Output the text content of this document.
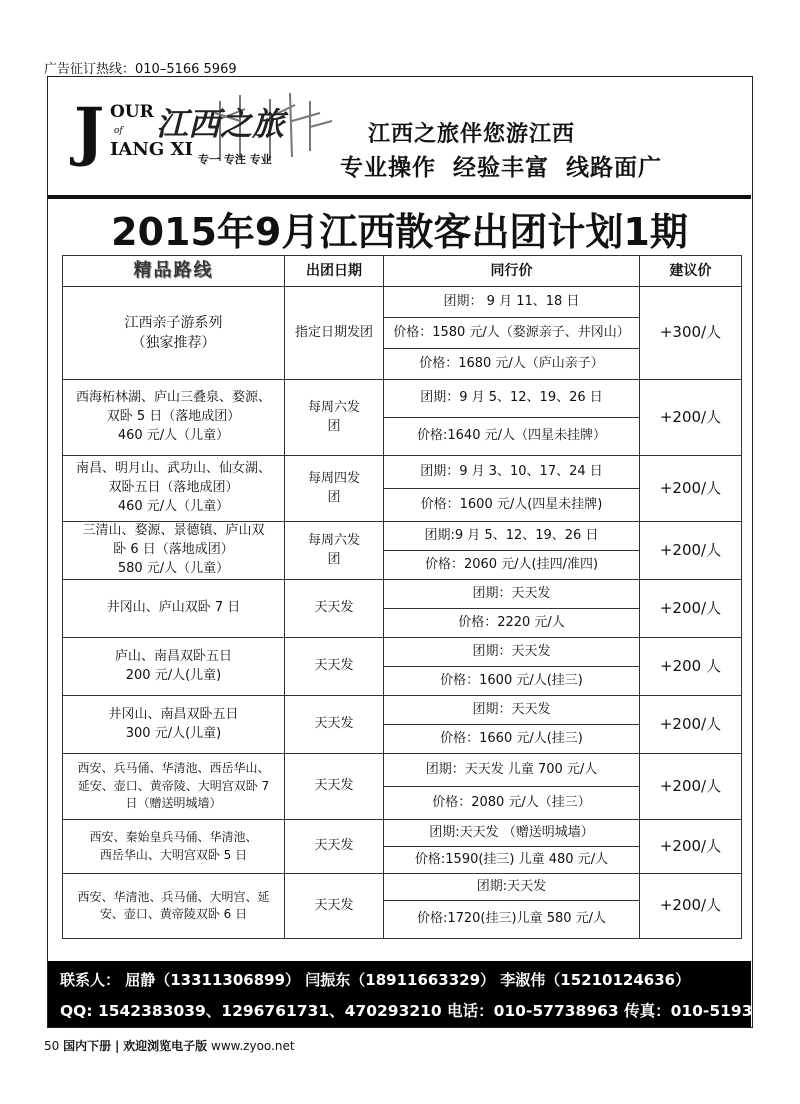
广告征订热线：010–5166 5969
J OUR
of
IANG XI
江西之旅
专一 专注 专业
江西之旅伴您游江西
专业操作 经验丰富 线路面广
2015年9月江西散客出团计划1期
精品路线	出团日期	同行价	建议价

江西亲子游系列
（独家推荐）	指定日期发团	团期： 9 月 11、18 日	+300/人
		价格：1580 元/人（婺源亲子、井冈山）	
		价格：1680 元/人（庐山亲子）	

西海柘林湖、庐山三叠泉、婺源、
双卧 5 日（落地成团）
460 元/人（儿童）	每周六发团	团期：9 月 5、12、19、26 日	+200/人
		价格:1640 元/人（四星未挂牌）	

南昌、明月山、武功山、仙女湖、
双卧五日（落地成团）
460 元/人（儿童）	每周四发团	团期：9 月 3、10、17、24 日	+200/人
		价格：1600 元/人(四星未挂牌)	

三清山、婺源、景德镇、庐山双
卧 6 日（落地成团）
580 元/人（儿童）	每周六发团	团期:9 月 5、12、19、26 日	+200/人
		价格：2060 元/人(挂四/准四)	

井冈山、庐山双卧 7 日	天天发	团期：天天发	+200/人
		价格：2220 元/人	

庐山、南昌双卧五日
200 元/人(儿童)	天天发	团期：天天发	+200 人
		价格：1600 元/人(挂三)	

井冈山、南昌双卧五日
300 元/人(儿童)	天天发	团期：天天发	+200/人
		价格：1660 元/人(挂三)	

西安、兵马俑、华清池、西岳华山、
延安、壶口、黄帝陵、大明宫双卧 7
日（赠送明城墙）	天天发	团期：天天发 儿童 700 元/人	+200/人
		价格：2080 元/人（挂三）	

西安、秦始皇兵马俑、华清池、
西岳华山、大明宫双卧 5 日	天天发	团期:天天发 （赠送明城墙）	+200/人
		价格:1590(挂三) 儿童 480 元/人	

西安、华清池、兵马俑、大明宫、延
安、壶口、黄帝陵双卧 6 日	天天发	团期:天天发	+200/人
		价格:1720(挂三)儿童 580 元/人	
联系人： 屈静（13311306899） 闫振东（18911663329） 李淑伟（15210124636）
QQ: 1542383039、1296761731、470293210 电话：010-57738963 传真：010-51931267
50 国内下册 | 欢迎浏览电子版 www.zyoo.net
